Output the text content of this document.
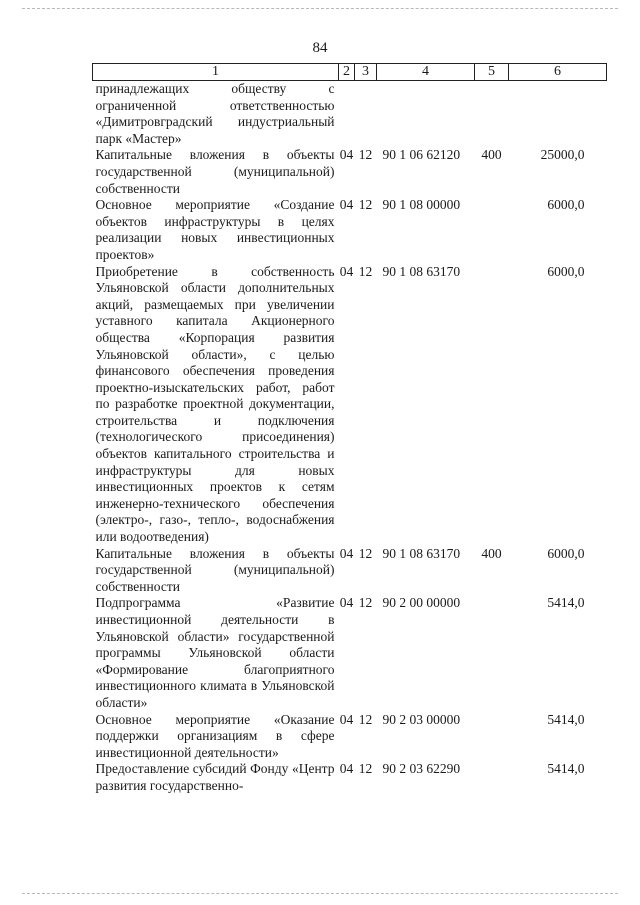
84
1	2	3	4	5	6
принадлежащих обществу с ограниченной ответственностью «Димитровградский индустриальный парк «Мастер»					
Капитальные вложения в объекты государственной (муниципальной) собственности	04	12	90 1 06 62120	400	25000,0
Основное мероприятие «Создание объектов инфраструктуры в целях реализации новых инвестиционных проектов»	04	12	90 1 08 00000		6000,0
Приобретение в собственность Ульяновской области дополнительных акций, размещаемых при увеличении уставного капитала Акционерного общества «Корпорация развития Ульяновской области», с целью финансового обеспечения проведения проектно-изыскательских работ, работ по разработке проектной документации, строительства и подключения (технологического присоединения) объектов капитального строительства и инфраструктуры для новых инвестиционных проектов к сетям инженерно-технического обеспечения (электро-, газо-, тепло-, водоснабжения или водоотведения)	04	12	90 1 08 63170		6000,0
Капитальные вложения в объекты государственной (муниципальной) собственности	04	12	90 1 08 63170	400	6000,0
Подпрограмма «Развитие инвестиционной деятельности в Ульяновской области» государственной программы Ульяновской области «Формирование благоприятного инвестиционного климата в Ульяновской области»	04	12	90 2 00 00000		5414,0
Основное мероприятие «Оказание поддержки организациям в сфере инвестиционной деятельности»	04	12	90 2 03 00000		5414,0
Предоставление субсидий Фонду «Центр развития государственно-	04	12	90 2 03 62290		5414,0
